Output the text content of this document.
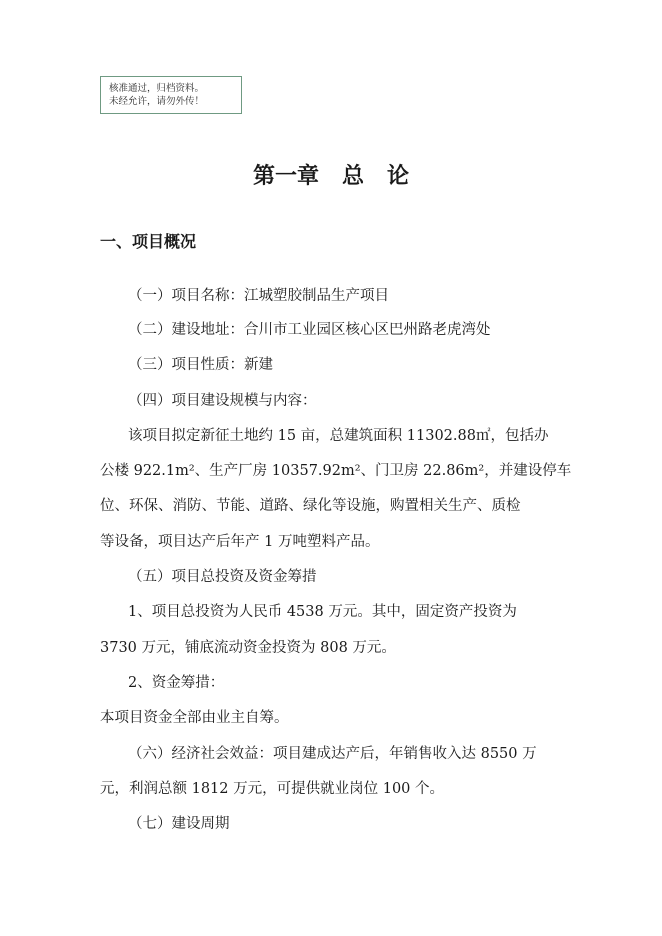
核准通过，归档资料。
未经允许，请勿外传！
第一章   总   论
一、项目概况
（一）项目名称：江城塑胶制品生产项目
（二）建设地址：合川市工业园区核心区巴州路老虎湾处
（三）项目性质：新建
（四）项目建设规模与内容：
该项目拟定新征土地约 15 亩，总建筑面积 11302.88㎡，包括办
公楼 922.1m²、生产厂房 10357.92m²、门卫房 22.86m²，并建设停车
位、环保、消防、节能、道路、绿化等设施，购置相关生产、质检
等设备，项目达产后年产 1 万吨塑料产品。
（五）项目总投资及资金筹措
1、项目总投资为人民币 4538 万元。其中，固定资产投资为
3730 万元，铺底流动资金投资为 808 万元。
2、资金筹措：
本项目资金全部由业主自筹。
（六）经济社会效益：项目建成达产后，年销售收入达 8550 万
元，利润总额 1812 万元，可提供就业岗位 100 个。
（七）建设周期
